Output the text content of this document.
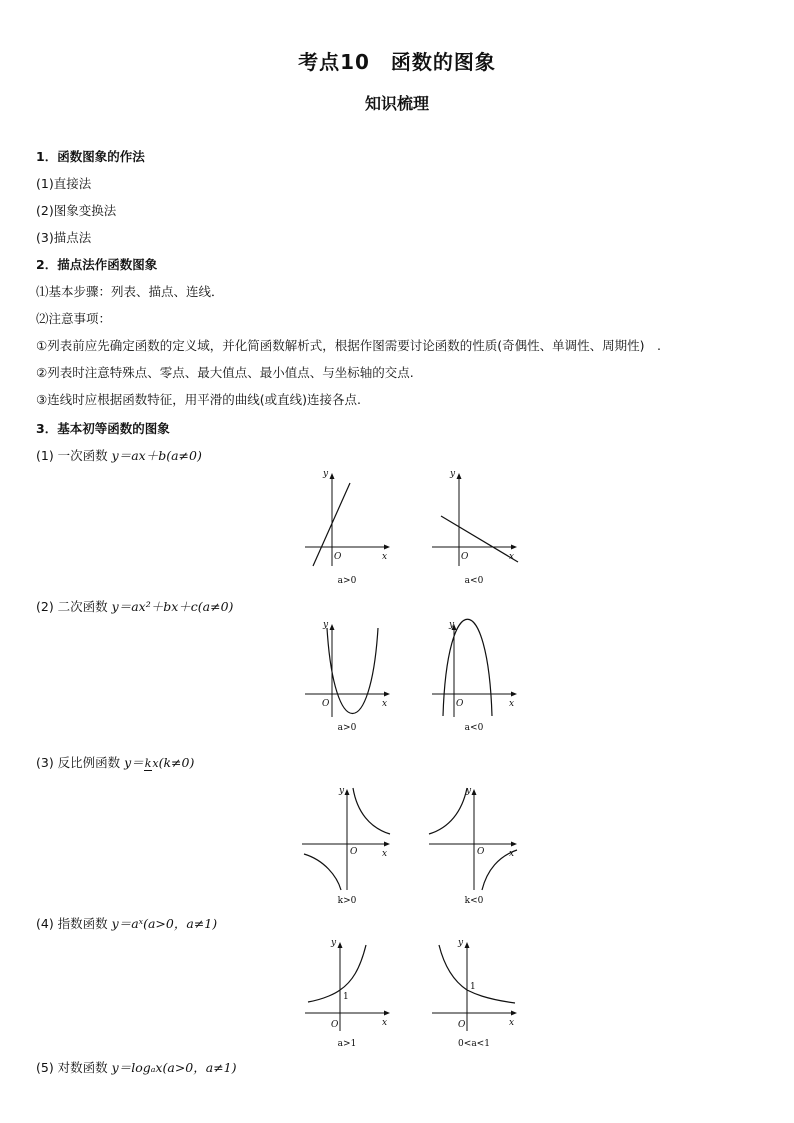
考点10　函数的图象
知识梳理
1．函数图象的作法
(1)直接法
(2)图象变换法
(3)描点法
2．描点法作函数图象
⑴基本步骤：列表、描点、连线．
⑵注意事项：
①列表前应先确定函数的定义域，并化简函数解析式，根据作图需要讨论函数的性质(奇偶性、单调性、周期性)　.
②列表时注意特殊点、零点、最大值点、最小值点、与坐标轴的交点.
③连线时应根据函数特征，用平滑的曲线(或直线)连接各点.
3．基本初等函数的图象
(1) 一次函数 y＝ax＋b(a≠0)
y
x
O
a>0
y
x
O
a<0
(2) 二次函数 y＝ax²＋bx＋c(a≠0)
y
x
O
a>0
y
x
O
a<0
(3) 反比例函数 y＝kx(k≠0)
y
x
O
k>0
y
x
O
k<0
(4) 指数函数 y＝aˣ(a>0，a≠1)
y
x
O
1
a>1
y
x
O
1
0<a<1
(5) 对数函数 y＝logₐx(a>0，a≠1)
